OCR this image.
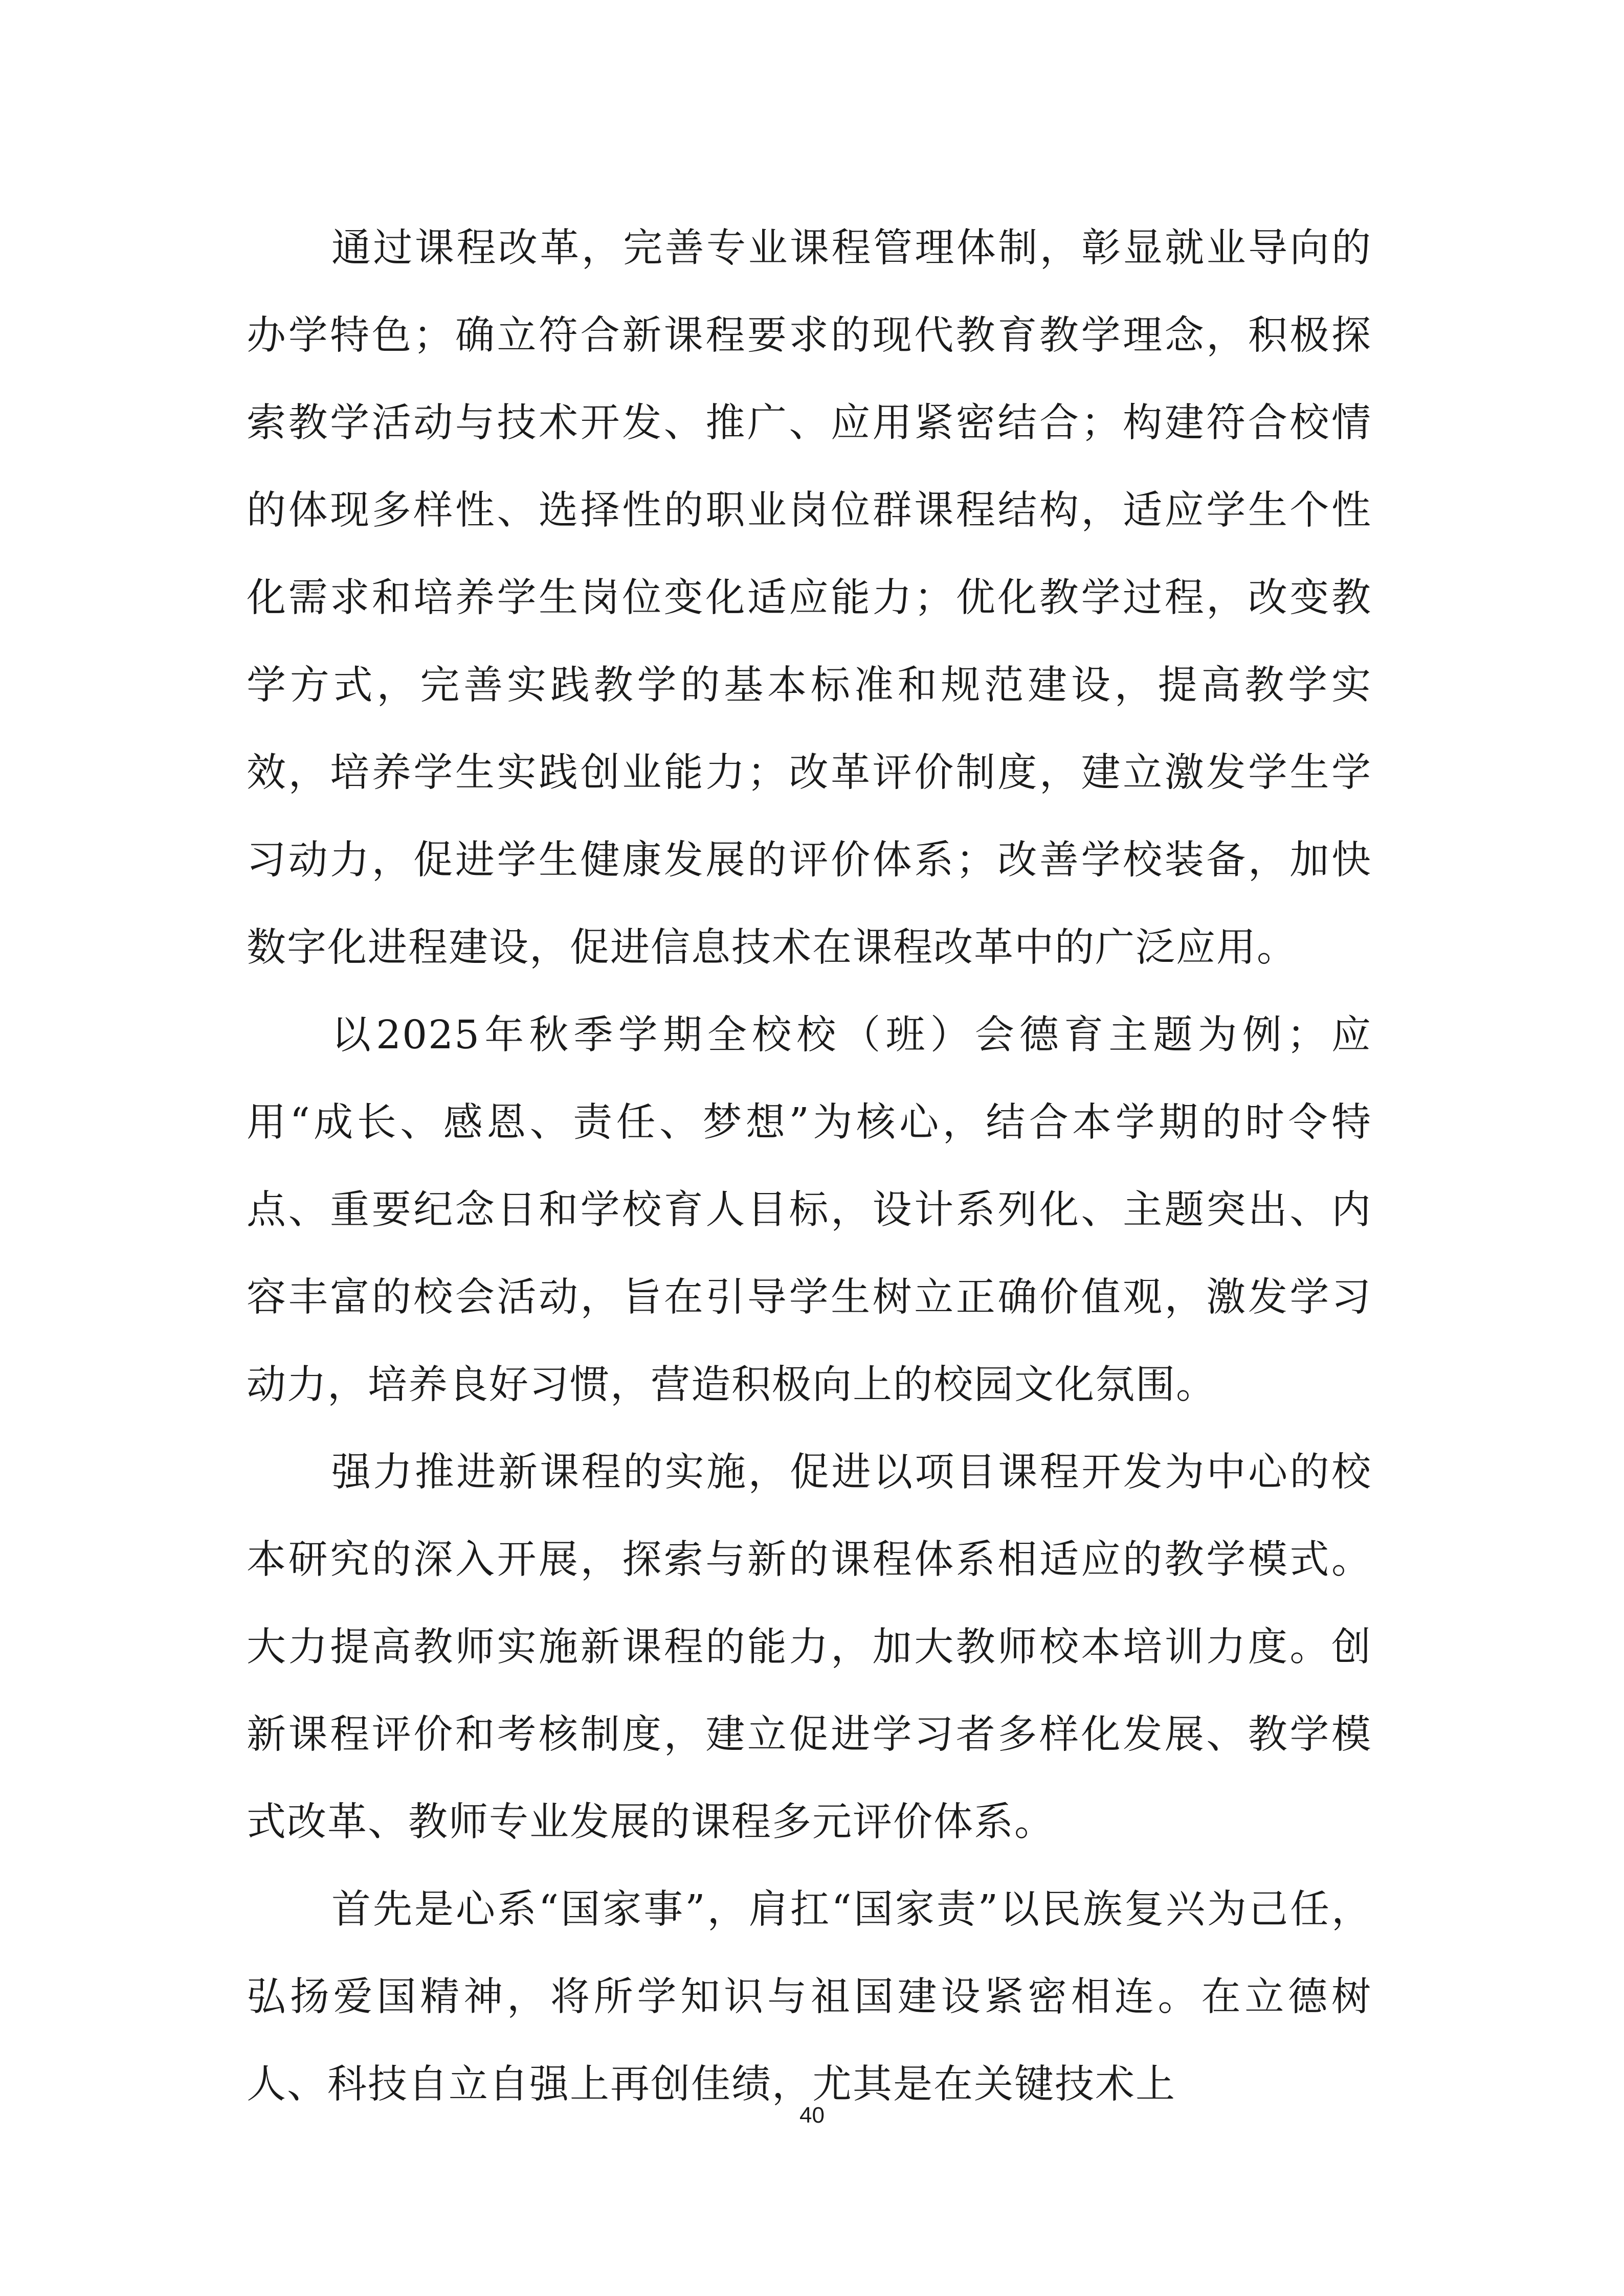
通过课程改革，完善专业课程管理体制，彰显就业导向的办学特色；确立符合新课程要求的现代教育教学理念，积极探索教学活动与技术开发、推广、应用紧密结合；构建符合校情的体现多样性、选择性的职业岗位群课程结构，适应学生个性化需求和培养学生岗位变化适应能力；优化教学过程，改变教学方式，完善实践教学的基本标准和规范建设，提高教学实效，培养学生实践创业能力；改革评价制度，建立激发学生学习动力，促进学生健康发展的评价体系；改善学校装备，加快数字化进程建设，促进信息技术在课程改革中的广泛应用。

以2025年秋季学期全校校（班）会德育主题为例；应用“成长、感恩、责任、梦想”为核心，结合本学期的时令特点、重要纪念日和学校育人目标，设计系列化、主题突出、内容丰富的校会活动，旨在引导学生树立正确价值观，激发学习动力，培养良好习惯，营造积极向上的校园文化氛围。

强力推进新课程的实施，促进以项目课程开发为中心的校本研究的深入开展，探索与新的课程体系相适应的教学模式。大力提高教师实施新课程的能力，加大教师校本培训力度。创新课程评价和考核制度，建立促进学习者多样化发展、教学模式改革、教师专业发展的课程多元评价体系。

首先是心系“国家事”，肩扛“国家责”以民族复兴为己任，弘扬爱国精神，将所学知识与祖国建设紧密相连。在立德树人、科技自立自强上再创佳绩，尤其是在关键技术上

40
